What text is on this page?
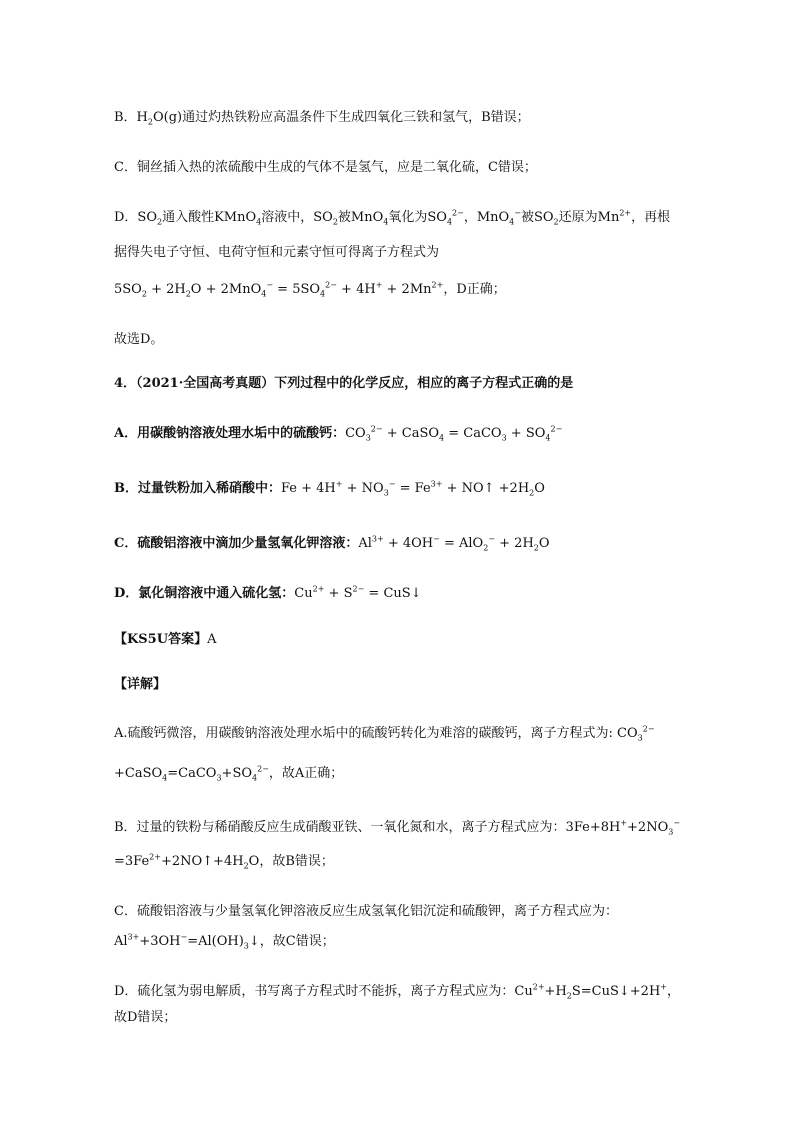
B．$H_2O(g)$通过灼热铁粉应高温条件下生成四氧化三铁和氢气，B错误；
C．铜丝插入热的浓硫酸中生成的气体不是氢气，应是二氧化硫，C错误；
D．$SO_2$通入酸性KMnO$_4$溶液中，$SO_2$被MnO$_4$氧化为$SO_4^{2-}$，MnO$_4$−被$SO_2$还原为$Mn^{2+}$，再根
据得失电子守恒、电荷守恒和元素守恒可得离子方程式为
$5SO_2 + 2H_2O + 2MnO_4^- = 5SO_4^{2-} + 4H^+ + 2Mn^{2+}$，D正确；
故选D。
4．（2021·全国高考真题）下列过程中的化学反应，相应的离子方程式正确的是
A．用碳酸钠溶液处理水垢中的硫酸钙：$CO_3^{2-}$ + CaSO$_4$ = CaCO$_3$ + $SO_4^{2-}$
B．过量铁粉加入稀硝酸中：$Fe + 4H^+ + NO_3^- = Fe^{3+}$ + NO↑ $+2H_2O$
C．硫酸铝溶液中滴加少量氢氧化钾溶液：$Al^{3+} + 4OH^- = AlO_2^- + 2H_2O$
D．氯化铜溶液中通入硫化氢：$Cu^{2+} + S^{2-}$ = CuS↓
【KS5U答案】A
【详解】
A.硫酸钙微溶，用碳酸钠溶液处理水垢中的硫酸钙转化为难溶的碳酸钙，离子方程式为: $CO_3^{2-}$
$+CaSO_4=CaCO_3+SO_4^{2-}$，故A正确；
B．过量的铁粉与稀硝酸反应生成硝酸亚铁、一氧化氮和水，离子方程式应为：$3Fe+8H^++2NO_3^-$
$=3Fe^{2+}+2NO↑+4H_2O$，故B错误；
C．硫酸铝溶液与少量氢氧化钾溶液反应生成氢氧化铝沉淀和硫酸钾，离子方程式应为：
$Al^{3+}+3OH^-=Al(OH)_3↓$，故C错误；
D．硫化氢为弱电解质，书写离子方程式时不能拆，离子方程式应为：$Cu^{2+}+H_2S=CuS↓+2H^+$，
故D错误；
